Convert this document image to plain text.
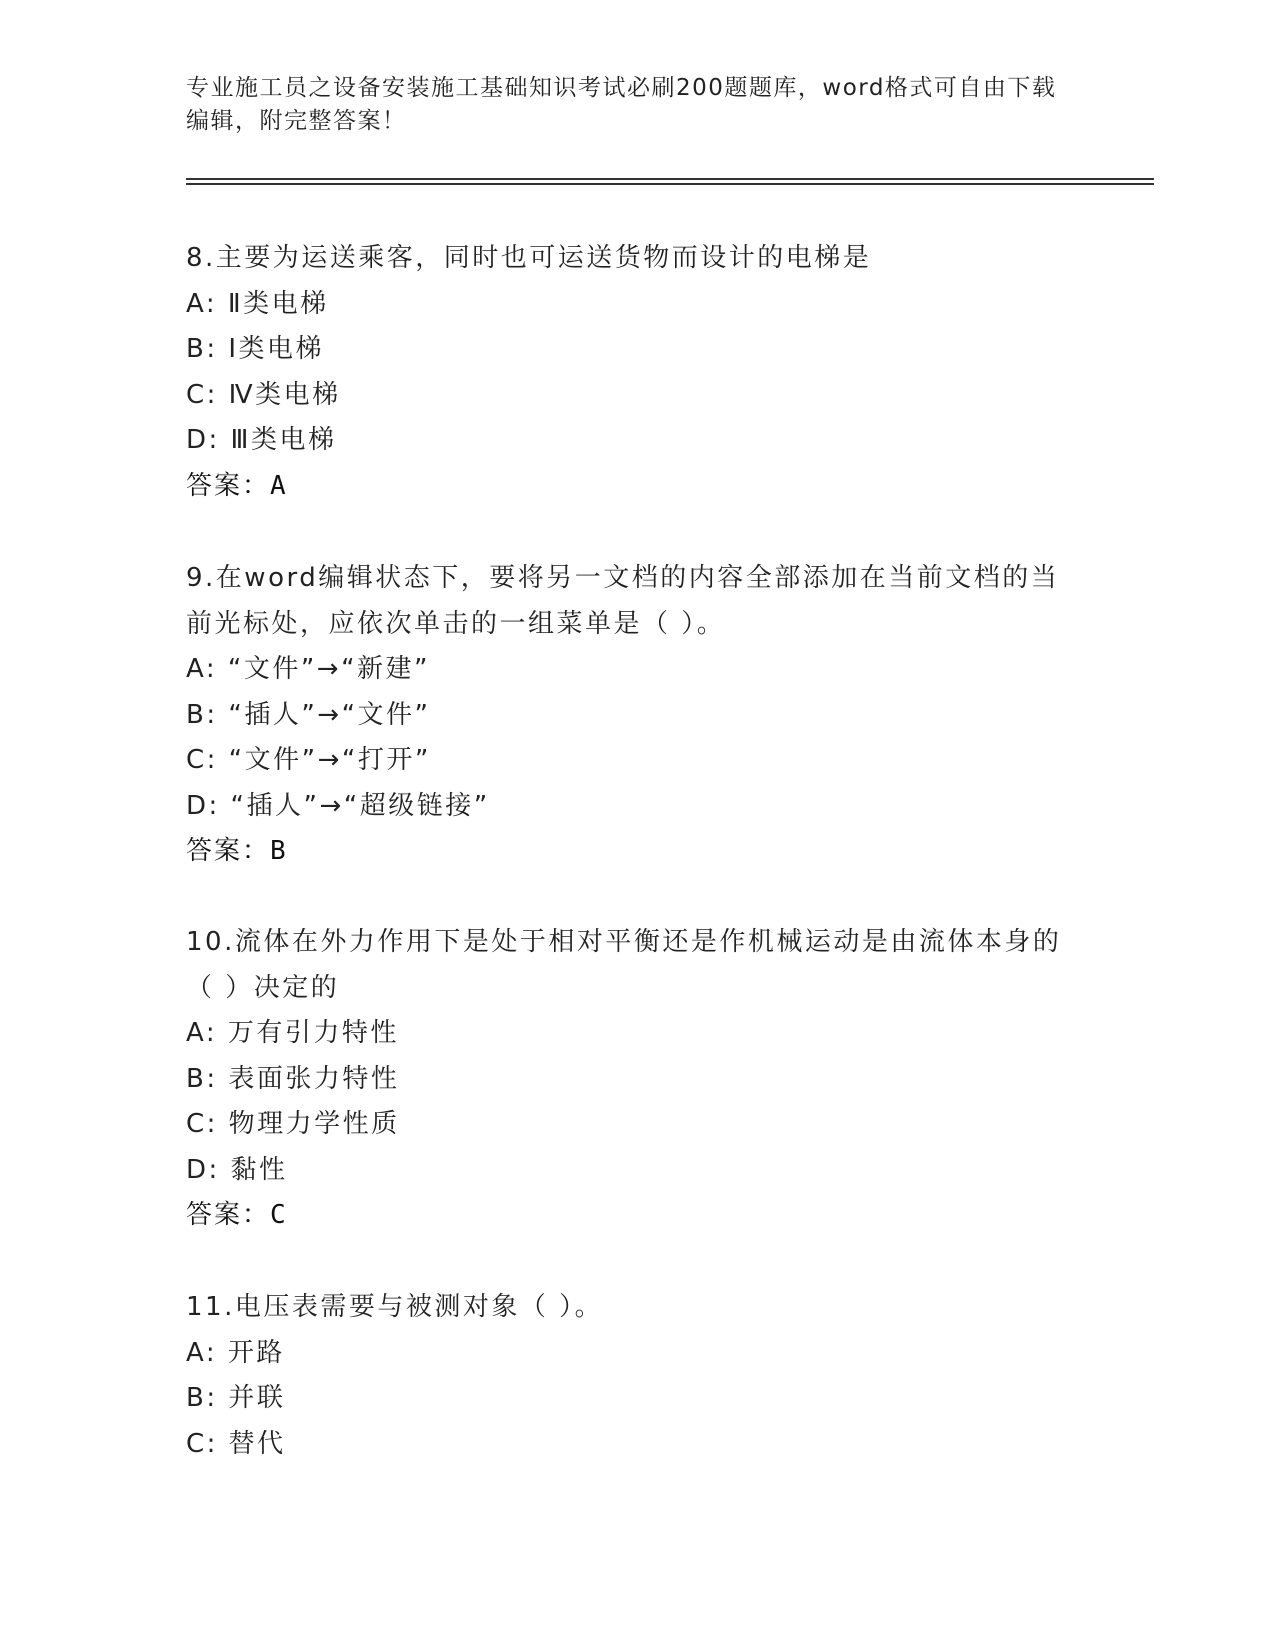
专业施工员之设备安装施工基础知识考试必刷200题题库，word格式可自由下载
编辑，附完整答案！

8.主要为运送乘客，同时也可运送货物而设计的电梯是

A: Ⅱ类电梯

B: Ⅰ类电梯

C: Ⅳ类电梯

D: Ⅲ类电梯

答案：A

9.在word编辑状态下，要将另一文档的内容全部添加在当前文档的当

前光标处，应依次单击的一组菜单是（ ）。

A: “文件”→“新建”

B: “插人”→“文件”

C: “文件”→“打开”

D: “插人”→“超级链接”

答案：B

10.流体在外力作用下是处于相对平衡还是作机械运动是由流体本身的

（ ）决定的

A: 万有引力特性

B: 表面张力特性

C: 物理力学性质

D: 黏性

答案：C

11.电压表需要与被测对象（ ）。

A: 开路

B: 并联

C: 替代
